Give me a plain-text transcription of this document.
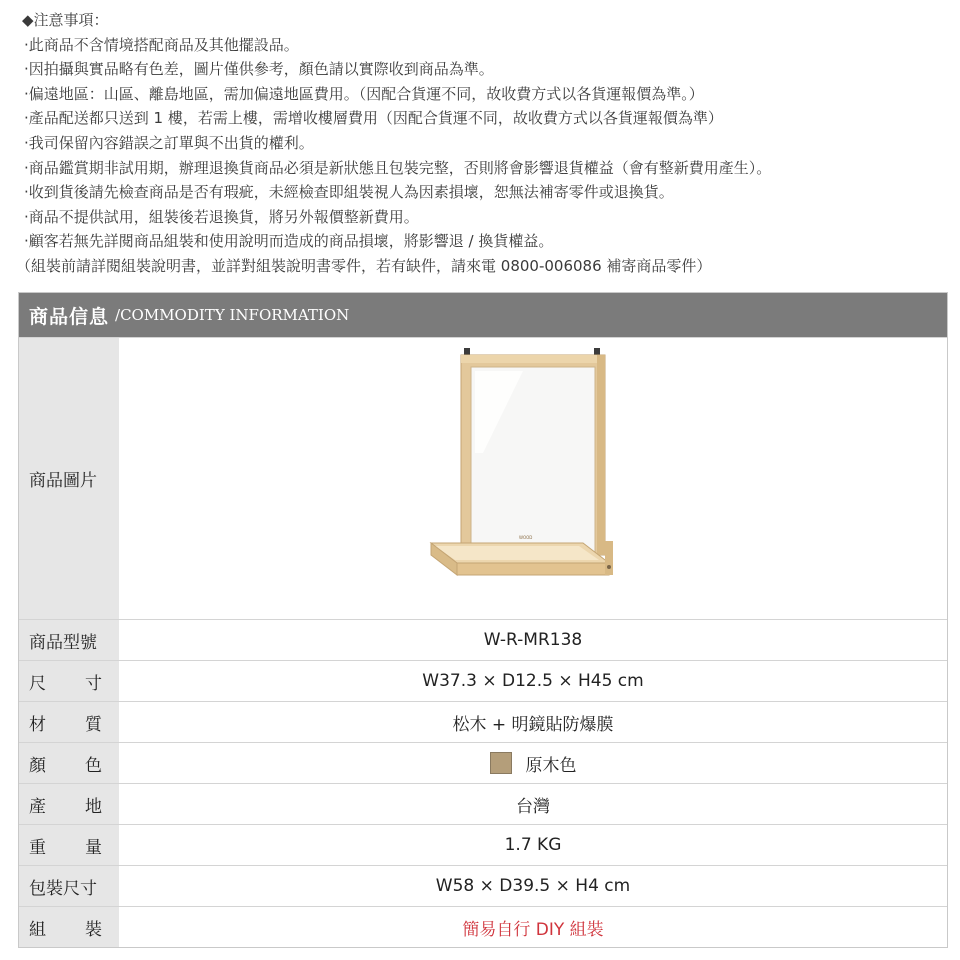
◆注意事項：
·此商品不含情境搭配商品及其他擺設品。
·因拍攝與實品略有色差，圖片僅供參考，顏色請以實際收到商品為準。
·偏遠地區：山區、離島地區，需加偏遠地區費用。（因配合貨運不同，故收費方式以各貨運報價為準。）
·產品配送都只送到 1 樓，若需上樓，需增收樓層費用（因配合貨運不同，故收費方式以各貨運報價為準）
·我司保留內容錯誤之訂單與不出貨的權利。
·商品鑑賞期非試用期，辦理退換貨商品必須是新狀態且包裝完整，否則將會影響退貨權益（會有整新費用產生）。
·收到貨後請先檢查商品是否有瑕疵，未經檢查即組裝視人為因素損壞，恕無法補寄零件或退換貨。
·商品不提供試用，組裝後若退換貨，將另外報價整新費用。
·顧客若無先詳閱商品組裝和使用說明而造成的商品損壞，將影響退 / 換貨權益。
（組裝前請詳閱組裝說明書，並詳對組裝說明書零件，若有缺件，請來電 0800-006086 補寄商品零件）
商品信息 /COMMODITY INFORMATION
商品圖片
WOOD
商品型號	W-R-MR138
尺	寸	W37.3 × D12.5 × H45 cm
材	質	松木 + 明鏡貼防爆膜
顏	色	原木色
產	地	台灣
重	量	1.7 KG
包裝尺寸	W58 × D39.5 × H4 cm
組	裝	簡易自行 DIY 組裝
